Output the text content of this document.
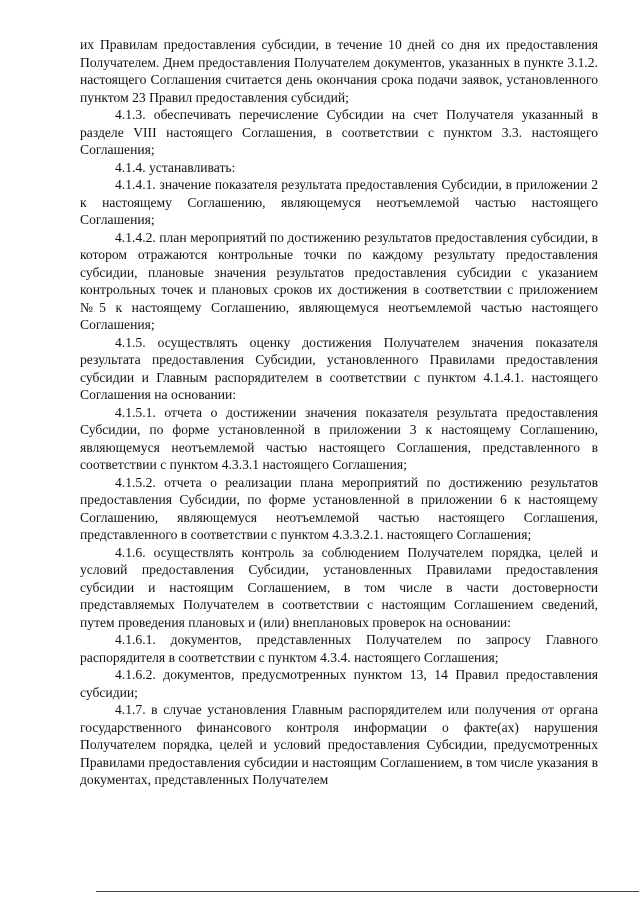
их Правилам предоставления субсидии, в течение 10 дней со дня их предоставления Получателем. Днем предоставления Получателем документов, указанных в пункте 3.1.2. настоящего Соглашения считается день окончания срока подачи заявок, установленного пунктом 23 Правил предоставления субсидий;

4.1.3. обеспечивать перечисление Субсидии на счет Получателя указанный в разделе VIII настоящего Соглашения, в соответствии с пунктом 3.3. настоящего Соглашения;

4.1.4. устанавливать:

4.1.4.1. значение показателя результата предоставления Субсидии, в приложении 2 к настоящему Соглашению, являющемуся неотъемлемой частью настоящего Соглашения;

4.1.4.2. план мероприятий по достижению результатов предоставления субсидии, в котором отражаются контрольные точки по каждому результату предоставления субсидии, плановые значения результатов предоставления субсидии с указанием контрольных точек и плановых сроков их достижения в соответствии с приложением №5 к настоящему Соглашению, являющемуся неотъемлемой частью настоящего Соглашения;

4.1.5. осуществлять оценку достижения Получателем значения показателя результата предоставления Субсидии, установленного Правилами предоставления субсидии и Главным распорядителем в соответствии с пунктом 4.1.4.1. настоящего Соглашения на основании:

4.1.5.1. отчета о достижении значения показателя результата предоставления Субсидии, по форме установленной в приложении 3 к настоящему Соглашению, являющемуся неотъемлемой частью настоящего Соглашения, представленного в соответствии с пунктом 4.3.3.1 настоящего Соглашения;

4.1.5.2. отчета о реализации плана мероприятий по достижению результатов предоставления Субсидии, по форме установленной в приложении 6 к настоящему Соглашению, являющемуся неотъемлемой частью настоящего Соглашения, представленного в соответствии с пунктом 4.3.3.2.1. настоящего Соглашения;

4.1.6. осуществлять контроль за соблюдением Получателем порядка, целей и условий предоставления Субсидии, установленных Правилами предоставления субсидии и настоящим Соглашением, в том числе в части достоверности представляемых Получателем в соответствии с настоящим Соглашением сведений, путем проведения плановых и (или) внеплановых проверок на основании:

4.1.6.1. документов, представленных Получателем по запросу Главного распорядителя в соответствии с пунктом 4.3.4. настоящего Соглашения;

4.1.6.2. документов, предусмотренных пунктом 13, 14 Правил предоставления субсидии;

4.1.7. в случае установления Главным распорядителем или получения от органа государственного финансового контроля информации о факте(ах) нарушения Получателем порядка, целей и условий предоставления Субсидии, предусмотренных Правилами предоставления субсидии и настоящим Соглашением, в том числе указания в документах, представленных Получателем
